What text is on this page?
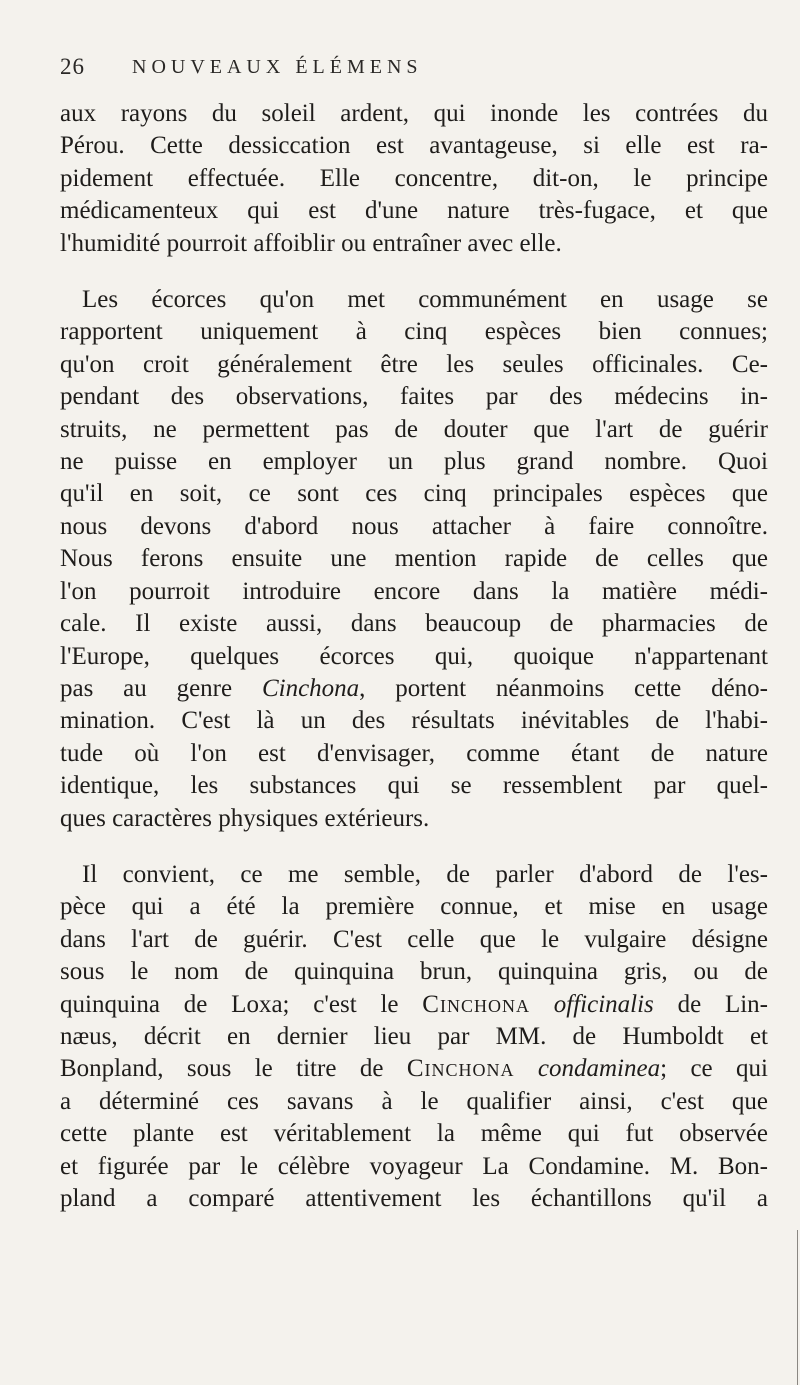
26 NOUVEAUX ÉLÉMENS

aux rayons du soleil ardent, qui inonde les contrées du
Pérou. Cette dessiccation est avantageuse, si elle est ra-
pidement effectuée. Elle concentre, dit-on, le principe
médicamenteux qui est d'une nature très-fugace, et que
l'humidité pourroit affoiblir ou entraîner avec elle.

Les écorces qu'on met communément en usage se
rapportent uniquement à cinq espèces bien connues;
qu'on croit généralement être les seules officinales. Ce-
pendant des observations, faites par des médecins in-
struits, ne permettent pas de douter que l'art de guérir
ne puisse en employer un plus grand nombre. Quoi
qu'il en soit, ce sont ces cinq principales espèces que
nous devons d'abord nous attacher à faire connoître.
Nous ferons ensuite une mention rapide de celles que
l'on pourroit introduire encore dans la matière médi-
cale. Il existe aussi, dans beaucoup de pharmacies de
l'Europe, quelques écorces qui, quoique n'appartenant
pas au genre Cinchona, portent néanmoins cette déno-
mination. C'est là un des résultats inévitables de l'habi-
tude où l'on est d'envisager, comme étant de nature
identique, les substances qui se ressemblent par quel-
ques caractères physiques extérieurs.

Il convient, ce me semble, de parler d'abord de l'es-
pèce qui a été la première connue, et mise en usage
dans l'art de guérir. C'est celle que le vulgaire désigne
sous le nom de quinquina brun, quinquina gris, ou de
quinquina de Loxa; c'est le Cinchona officinalis de Lin-
næus, décrit en dernier lieu par MM. de Humboldt et
Bonpland, sous le titre de Cinchona condaminea; ce qui
a déterminé ces savans à le qualifier ainsi, c'est que
cette plante est véritablement la même qui fut observée
et figurée par le célèbre voyageur La Condamine. M. Bon-
pland a comparé attentivement les échantillons qu'il a
